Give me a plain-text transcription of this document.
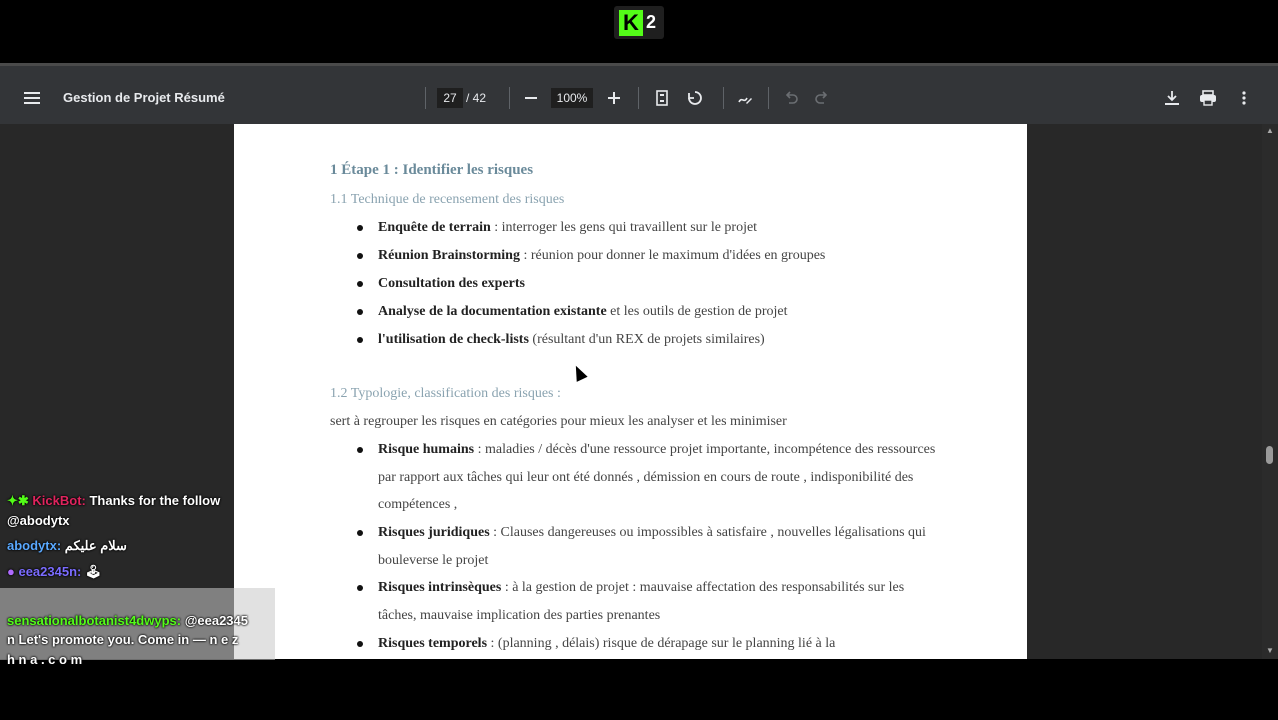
K 2
Gestion de Projet Résumé	27 / 42	100%
1 Étape 1 : Identifier les risques
1.1 Technique de recensement des risques
Enquête de terrain : interroger les gens qui travaillent sur le projet
Réunion Brainstorming : réunion pour donner le maximum d'idées en groupes
Consultation des experts
Analyse de la documentation existante et les outils de gestion de projet
l'utilisation de check-lists (résultant d'un REX de projets similaires)
1.2 Typologie, classification des risques :
sert à regrouper les risques en catégories pour mieux les analyser et les minimiser
Risque humains : maladies / décès d'une ressource projet importante, incompétence des ressources par rapport aux tâches qui leur ont été donnés , démission en cours de route , indisponibilité des compétences ,
Risques juridiques : Clauses dangereuses ou impossibles à satisfaire , nouvelles légalisations qui bouleverse le projet
Risques intrinsèques : à la gestion de projet : mauvaise affectation des responsabilités sur les tâches, mauvaise implication des parties prenantes
Risques temporels : (planning , délais) risque de dérapage sur le planning lié à la
▲
▼
✦✱ KickBot: Thanks for the follow
@abodytx
abodytx: سلام عليكم
● eea2345n: 🕹
sensationalbotanist4dwyps: @eea2345
n Let's promote you. Come in — n e z
h n a . c o m
